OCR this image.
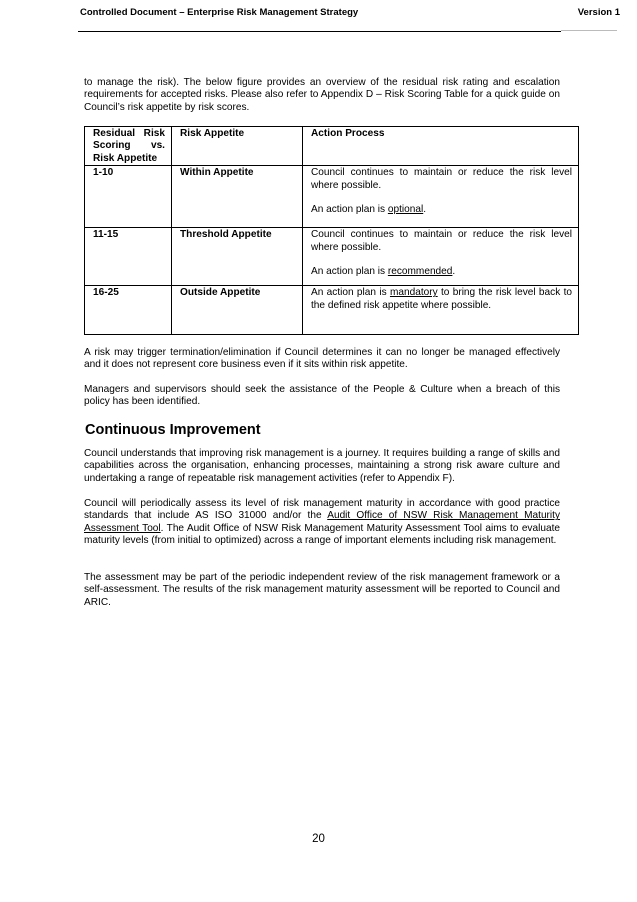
Controlled Document – Enterprise Risk Management Strategy	Version 1

to manage the risk). The below figure provides an overview of the residual risk rating and escalation requirements for accepted risks. Please also refer to Appendix D – Risk Scoring Table for a quick guide on Council’s risk appetite by risk scores.

Residual Risk Scoring vs. Risk Appetite	Risk Appetite	Action Process
1-10	Within Appetite	Council continues to maintain or reduce the risk level where possible.

An action plan is optional.

11-15	Threshold Appetite	Council continues to maintain or reduce the risk level where possible.

An action plan is recommended.

16-25	Outside Appetite	An action plan is mandatory to bring the risk level back to the defined risk appetite where possible.

A risk may trigger termination/elimination if Council determines it can no longer be managed effectively and it does not represent core business even if it sits within risk appetite.

Managers and supervisors should seek the assistance of the People & Culture when a breach of this policy has been identified.

Continuous Improvement

Council understands that improving risk management is a journey. It requires building a range of skills and capabilities across the organisation, enhancing processes, maintaining a strong risk aware culture and undertaking a range of repeatable risk management activities (refer to Appendix F).

Council will periodically assess its level of risk management maturity in accordance with good practice standards that include AS ISO 31000 and/or the Audit Office of NSW Risk Management Maturity Assessment Tool. The Audit Office of NSW Risk Management Maturity Assessment Tool aims to evaluate maturity levels (from initial to optimized) across a range of important elements including risk management.

The assessment may be part of the periodic independent review of the risk management framework or a self-assessment. The results of the risk management maturity assessment will be reported to Council and ARIC.

20
